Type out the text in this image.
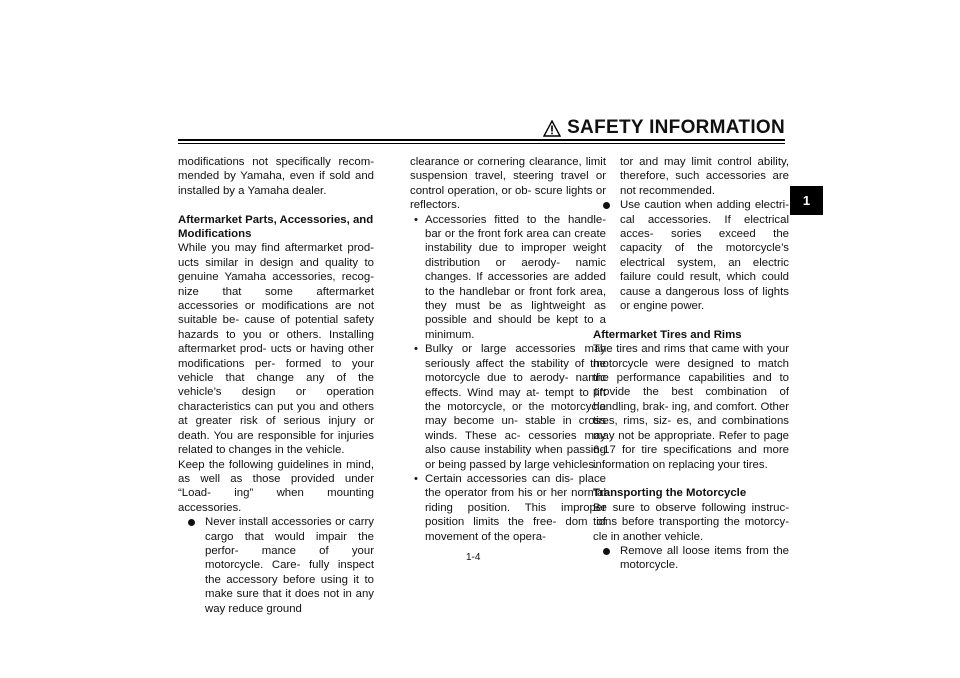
SAFETY INFORMATION
1

modifications not specifically recom- mended by Yamaha, even if sold and installed by a Yamaha dealer.

Aftermarket Parts, Accessories, and Modifications

While you may find aftermarket prod- ucts similar in design and quality to genuine Yamaha accessories, recog- nize that some aftermarket accessories or modifications are not suitable be- cause of potential safety hazards to you or others. Installing aftermarket prod- ucts or having other modifications per- formed to your vehicle that change any of the vehicle’s design or operation characteristics can put you and others at greater risk of serious injury or death. You are responsible for injuries related to changes in the vehicle.

Keep the following guidelines in mind, as well as those provided under “Load- ing” when mounting accessories.

Never install accessories or carry cargo that would impair the perfor- mance of your motorcycle. Care- fully inspect the accessory before using it to make sure that it does not in any way reduce ground

clearance or cornering clearance, limit suspension travel, steering travel or control operation, or ob- scure lights or reflectors.

• Accessories fitted to the handle- bar or the front fork area can create instability due to improper weight distribution or aerody- namic changes. If accessories are added to the handlebar or front fork area, they must be as lightweight as possible and should be kept to a minimum.

• Bulky or large accessories may seriously affect the stability of the motorcycle due to aerody- namic effects. Wind may at- tempt to lift the motorcycle, or the motorcycle may become un- stable in cross winds. These ac- cessories may also cause instability when passing or being passed by large vehicles.

• Certain accessories can dis- place the operator from his or her normal riding position. This improper position limits the free- dom of movement of the opera-

tor and may limit control ability, therefore, such accessories are not recommended.

Use caution when adding electri- cal accessories. If electrical acces- sories exceed the capacity of the motorcycle’s electrical system, an electric failure could result, which could cause a dangerous loss of lights or engine power.

Aftermarket Tires and Rims

The tires and rims that came with your motorcycle were designed to match the performance capabilities and to provide the best combination of handling, brak- ing, and comfort. Other tires, rims, siz- es, and combinations may not be appropriate. Refer to page 6-17 for tire specifications and more information on replacing your tires.

Transporting the Motorcycle

Be sure to observe following instruc- tions before transporting the motorcy- cle in another vehicle.

Remove all loose items from the motorcycle.

1-4
